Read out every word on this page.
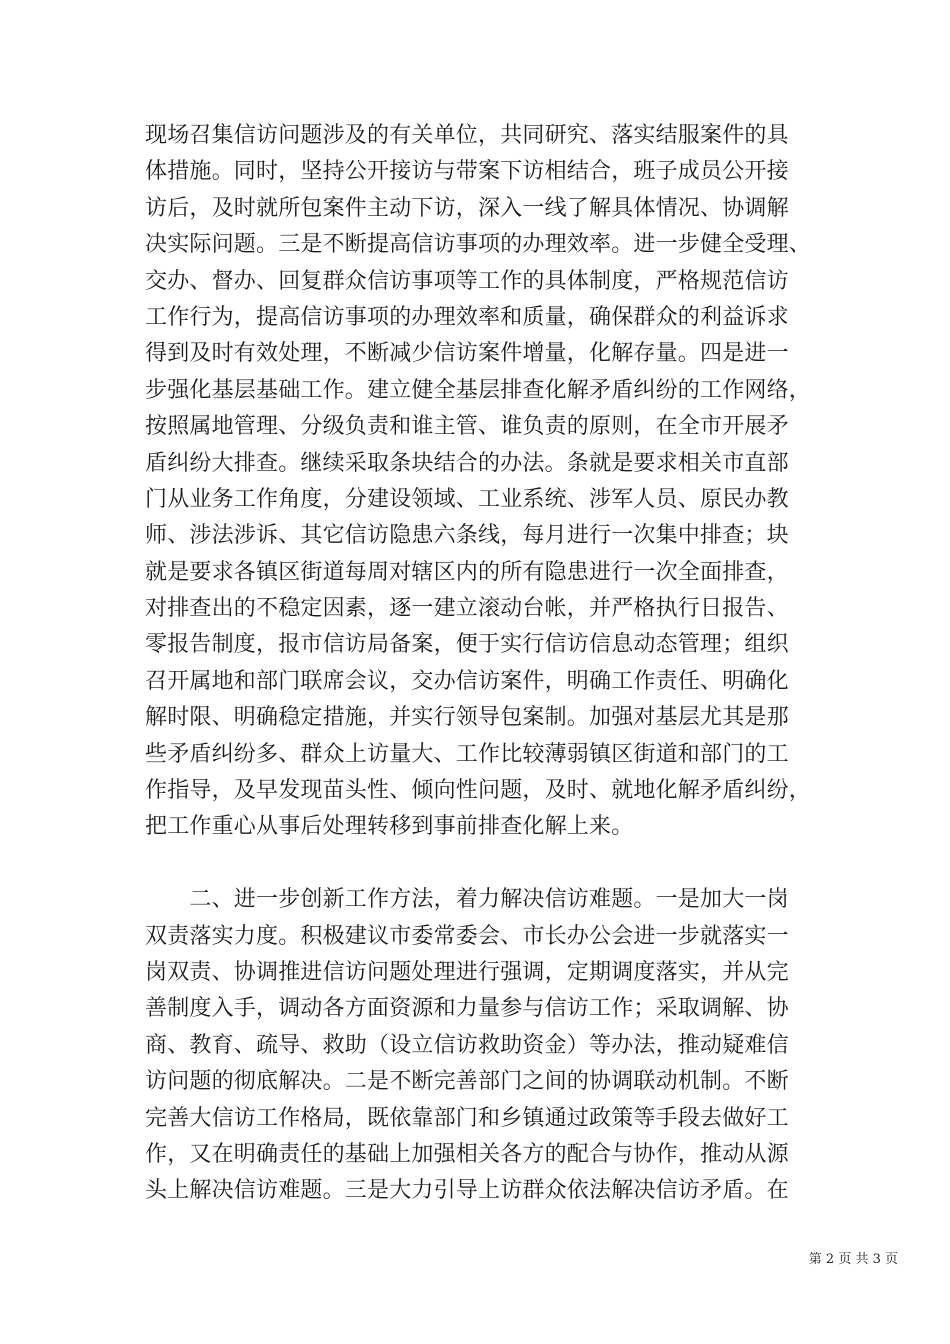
现场召集信访问题涉及的有关单位，共同研究、落实结服案件的具
体措施。同时，坚持公开接访与带案下访相结合，班子成员公开接
访后，及时就所包案件主动下访，深入一线了解具体情况、协调解
决实际问题。三是不断提高信访事项的办理效率。进一步健全受理、
交办、督办、回复群众信访事项等工作的具体制度，严格规范信访
工作行为，提高信访事项的办理效率和质量，确保群众的利益诉求
得到及时有效处理，不断减少信访案件增量，化解存量。四是进一
步强化基层基础工作。建立健全基层排查化解矛盾纠纷的工作网络，
按照属地管理、分级负责和谁主管、谁负责的原则，在全市开展矛
盾纠纷大排查。继续采取条块结合的办法。条就是要求相关市直部
门从业务工作角度，分建设领域、工业系统、涉军人员、原民办教
师、涉法涉诉、其它信访隐患六条线，每月进行一次集中排查；块
就是要求各镇区街道每周对辖区内的所有隐患进行一次全面排查，
对排查出的不稳定因素，逐一建立滚动台帐，并严格执行日报告、
零报告制度，报市信访局备案，便于实行信访信息动态管理；组织
召开属地和部门联席会议，交办信访案件，明确工作责任、明确化
解时限、明确稳定措施，并实行领导包案制。加强对基层尤其是那
些矛盾纠纷多、群众上访量大、工作比较薄弱镇区街道和部门的工
作指导，及早发现苗头性、倾向性问题，及时、就地化解矛盾纠纷，
把工作重心从事后处理转移到事前排查化解上来。
　　二、进一步创新工作方法，着力解决信访难题。一是加大一岗
双责落实力度。积极建议市委常委会、市长办公会进一步就落实一
岗双责、协调推进信访问题处理进行强调，定期调度落实，并从完
善制度入手，调动各方面资源和力量参与信访工作；采取调解、协
商、教育、疏导、救助（设立信访救助资金）等办法，推动疑难信
访问题的彻底解决。二是不断完善部门之间的协调联动机制。不断
完善大信访工作格局，既依靠部门和乡镇通过政策等手段去做好工
作，又在明确责任的基础上加强相关各方的配合与协作，推动从源
头上解决信访难题。三是大力引导上访群众依法解决信访矛盾。在
第 2 页 共 3 页
